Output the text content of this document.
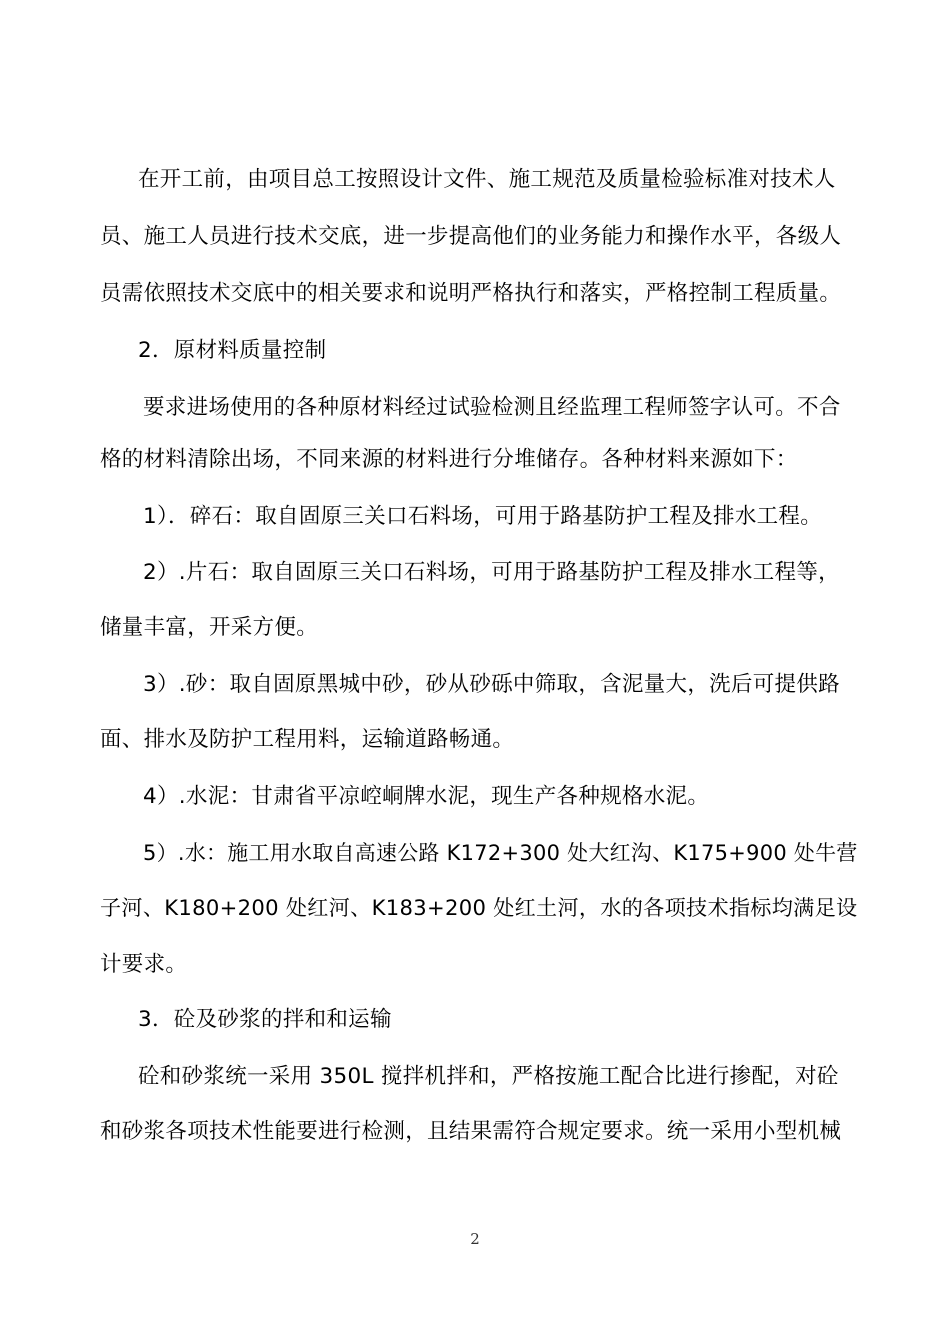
在开工前，由项目总工按照设计文件、施工规范及质量检验标准对技术人
员、施工人员进行技术交底，进一步提高他们的业务能力和操作水平，各级人
员需依照技术交底中的相关要求和说明严格执行和落实，严格控制工程质量。
2．原材料质量控制
要求进场使用的各种原材料经过试验检测且经监理工程师签字认可。不合
格的材料清除出场，不同来源的材料进行分堆储存。各种材料来源如下：
1）．碎石：取自固原三关口石料场，可用于路基防护工程及排水工程。
2）.片石：取自固原三关口石料场，可用于路基防护工程及排水工程等，
储量丰富，开采方便。
3）.砂：取自固原黑城中砂，砂从砂砾中筛取，含泥量大，洗后可提供路
面、排水及防护工程用料，运输道路畅通。
4）.水泥：甘肃省平凉崆峒牌水泥，现生产各种规格水泥。
5）.水：施工用水取自高速公路 K172+300 处大红沟、K175+900 处牛营
子河、K180+200 处红河、K183+200 处红土河，水的各项技术指标均满足设
计要求。
3．砼及砂浆的拌和和运输
砼和砂浆统一采用 350L 搅拌机拌和，严格按施工配合比进行掺配，对砼
和砂浆各项技术性能要进行检测，且结果需符合规定要求。统一采用小型机械
2
